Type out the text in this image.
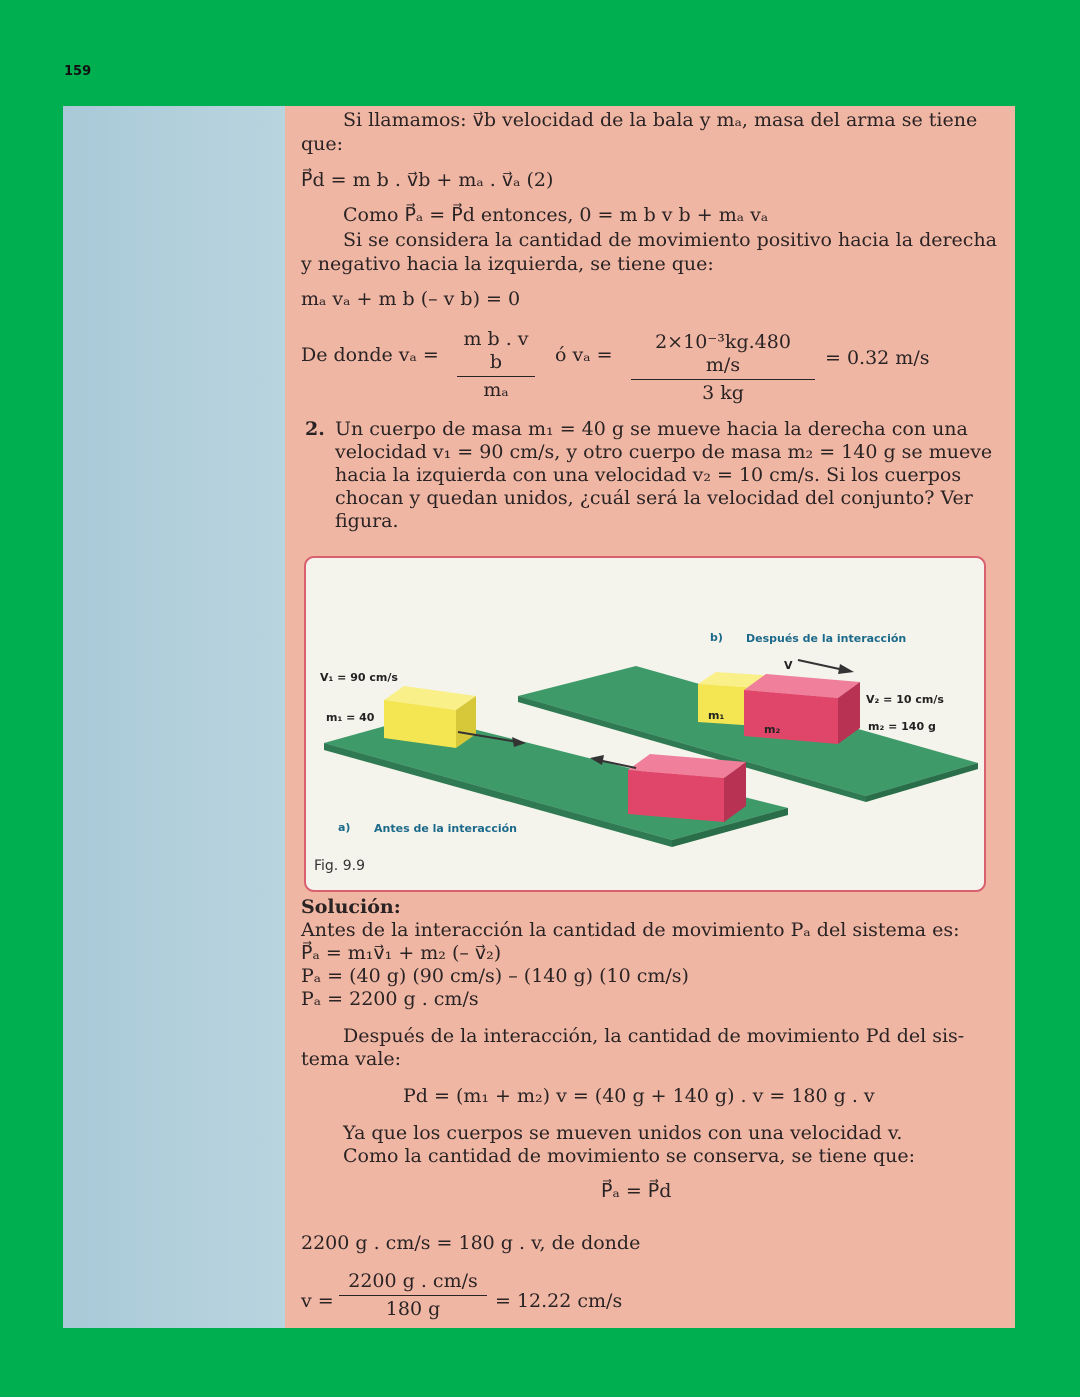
159
Si llamamos: v⃗b velocidad de la bala y mₐ, masa del arma se tiene
que:
P⃗d = m b . v⃗b + mₐ . v⃗ₐ (2)
Como P⃗ₐ = P⃗d entonces, 0 = m b v b + mₐ vₐ
Si se considera la cantidad de movimiento positivo hacia la derecha
y negativo hacia la izquierda, se tiene que:
mₐ vₐ + m b (– v b) = 0
De donde vₐ =
m b . v b
mₐ
ó vₐ =
2×10⁻³kg.480 m/s
3 kg
= 0.32 m/s
2. Un cuerpo de masa m₁ = 40 g se mueve hacia la derecha con una
velocidad v₁ = 90 cm/s, y otro cuerpo de masa m₂ = 140 g se mueve
hacia la izquierda con una velocidad v₂ = 10 cm/s. Si los cuerpos
chocan y quedan unidos, ¿cuál será la velocidad del conjunto? Ver
figura.
b) Después de la interacción
V₁ = 90 cm/s
m₁ = 40
V
V₂ = 10 cm/s
m₂ = 140 g
m₁
m₂
a) Antes de la interacción
Fig. 9.9
Solución:
Antes de la interacción la cantidad de movimiento Pₐ del sistema es:
P⃗ₐ = m₁v⃗₁ + m₂ (– v⃗₂)
Pₐ = (40 g) (90 cm/s) – (140 g) (10 cm/s)
Pₐ = 2200 g . cm/s
Después de la interacción, la cantidad de movimiento Pd del sis-
tema vale:
Pd = (m₁ + m₂) v = (40 g + 140 g) . v = 180 g . v
Ya que los cuerpos se mueven unidos con una velocidad v.
Como la cantidad de movimiento se conserva, se tiene que:
P⃗ₐ = P⃗d
2200 g . cm/s = 180 g . v, de donde
v =
2200 g . cm/s
180 g	= 12.22 cm/s
